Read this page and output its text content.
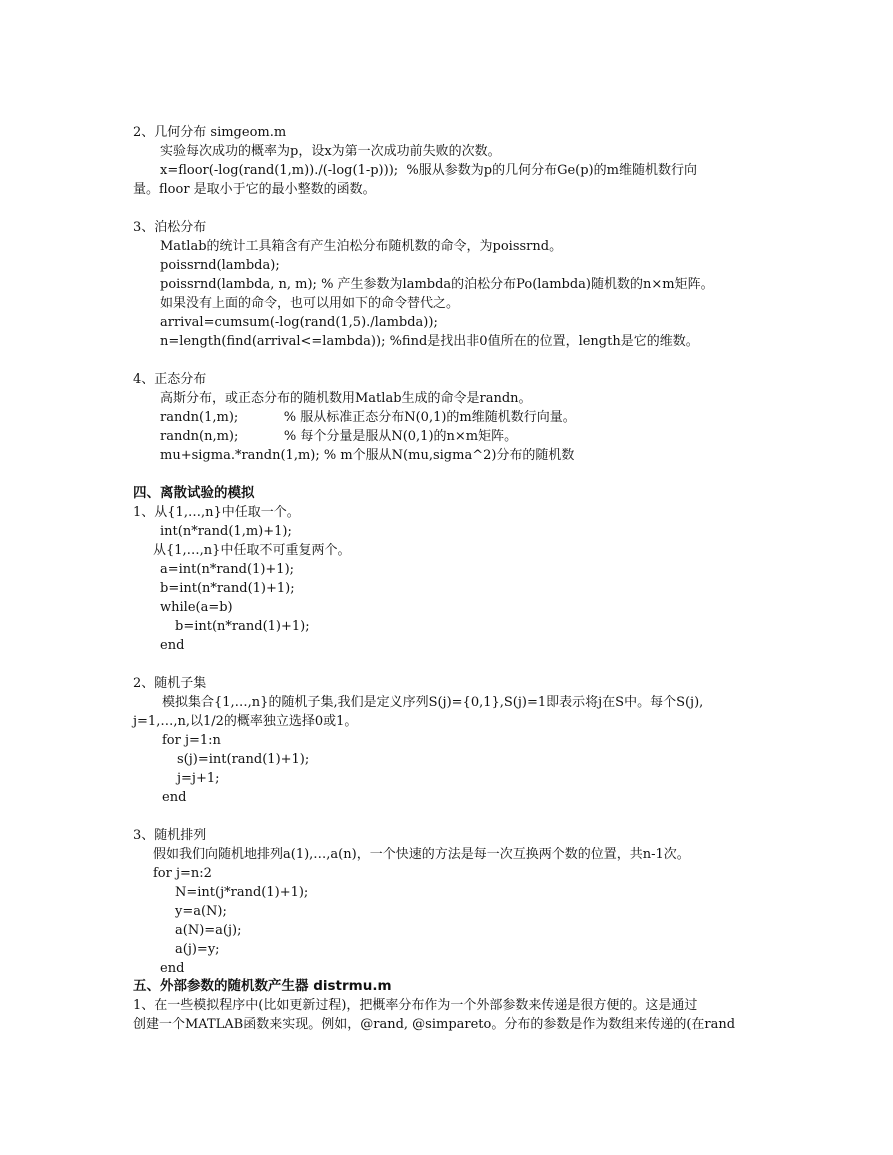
2、几何分布 simgeom.m
实验每次成功的概率为p，设x为第一次成功前失败的次数。
x=floor(-log(rand(1,m))./(-log(1-p)));  %服从参数为p的几何分布Ge(p)的m维随机数行向
量。floor 是取小于它的最小整数的函数。
3、泊松分布
Matlab的统计工具箱含有产生泊松分布随机数的命令，为poissrnd。
poissrnd(lambda);
poissrnd(lambda, n, m); % 产生参数为lambda的泊松分布Po(lambda)随机数的n×m矩阵。
如果没有上面的命令，也可以用如下的命令替代之。
arrival=cumsum(-log(rand(1,5)./lambda));
n=length(find(arrival<=lambda)); %find是找出非0值所在的位置，length是它的维数。
4、正态分布
高斯分布，或正态分布的随机数用Matlab生成的命令是randn。
randn(1,m);           % 服从标准正态分布N(0,1)的m维随机数行向量。
randn(n,m);           % 每个分量是服从N(0,1)的n×m矩阵。
mu+sigma.*randn(1,m); % m个服从N(mu,sigma^2)分布的随机数
四、离散试验的模拟
1、从{1,…,n}中任取一个。
int(n*rand(1,m)+1);
从{1,…,n}中任取不可重复两个。
a=int(n*rand(1)+1);
b=int(n*rand(1)+1);
while(a=b)
b=int(n*rand(1)+1);
end
2、随机子集
模拟集合{1,…,n}的随机子集,我们是定义序列S(j)={0,1},S(j)=1即表示将j在S中。每个S(j),
j=1,…,n,以1/2的概率独立选择0或1。
for j=1:n
s(j)=int(rand(1)+1);
j=j+1;
end
3、随机排列
假如我们向随机地排列a(1),…,a(n)，一个快速的方法是每一次互换两个数的位置，共n-1次。
for j=n:2
N=int(j*rand(1)+1);
y=a(N);
a(N)=a(j);
a(j)=y;
end
五、外部参数的随机数产生器 distrmu.m
1、在一些模拟程序中(比如更新过程)，把概率分布作为一个外部参数来传递是很方便的。这是通过
创建一个MATLAB函数来实现。例如，@rand, @simpareto。分布的参数是作为数组来传递的(在rand
